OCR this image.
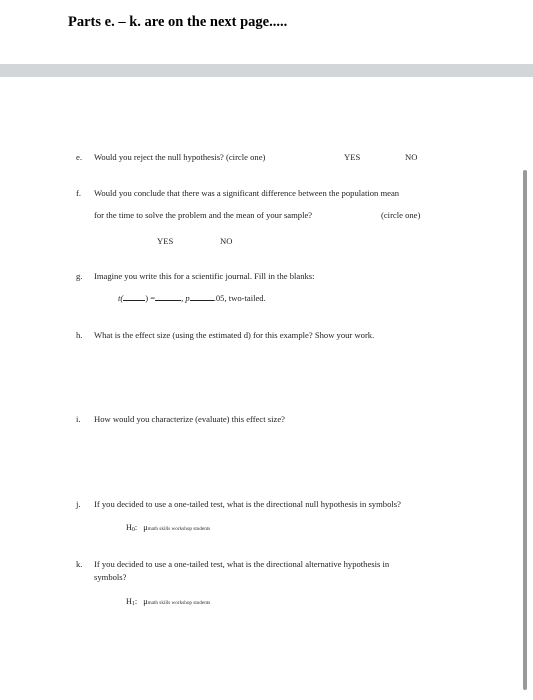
Parts e. – k. are on the next page.....
e. Would you reject the null hypothesis? (circle one)	YES	NO
f. Would you conclude that there was a significant difference between the population mean
for the time to solve the problem and the mean of your sample?	(circle one)
YES	NO
g. Imagine you write this for a scientific journal. Fill in the blanks:
t(	) =	, p	.05, two-tailed.
h. What is the effect size (using the estimated d) for this example? Show your work.
i. How would you characterize (evaluate) this effect size?
j. If you decided to use a one-tailed test, what is the directional null hypothesis in symbols?
H0: μmath skills workshop students
k. If you decided to use a one-tailed test, what is the directional alternative hypothesis in
symbols?
H1: μmath skills workshop students
